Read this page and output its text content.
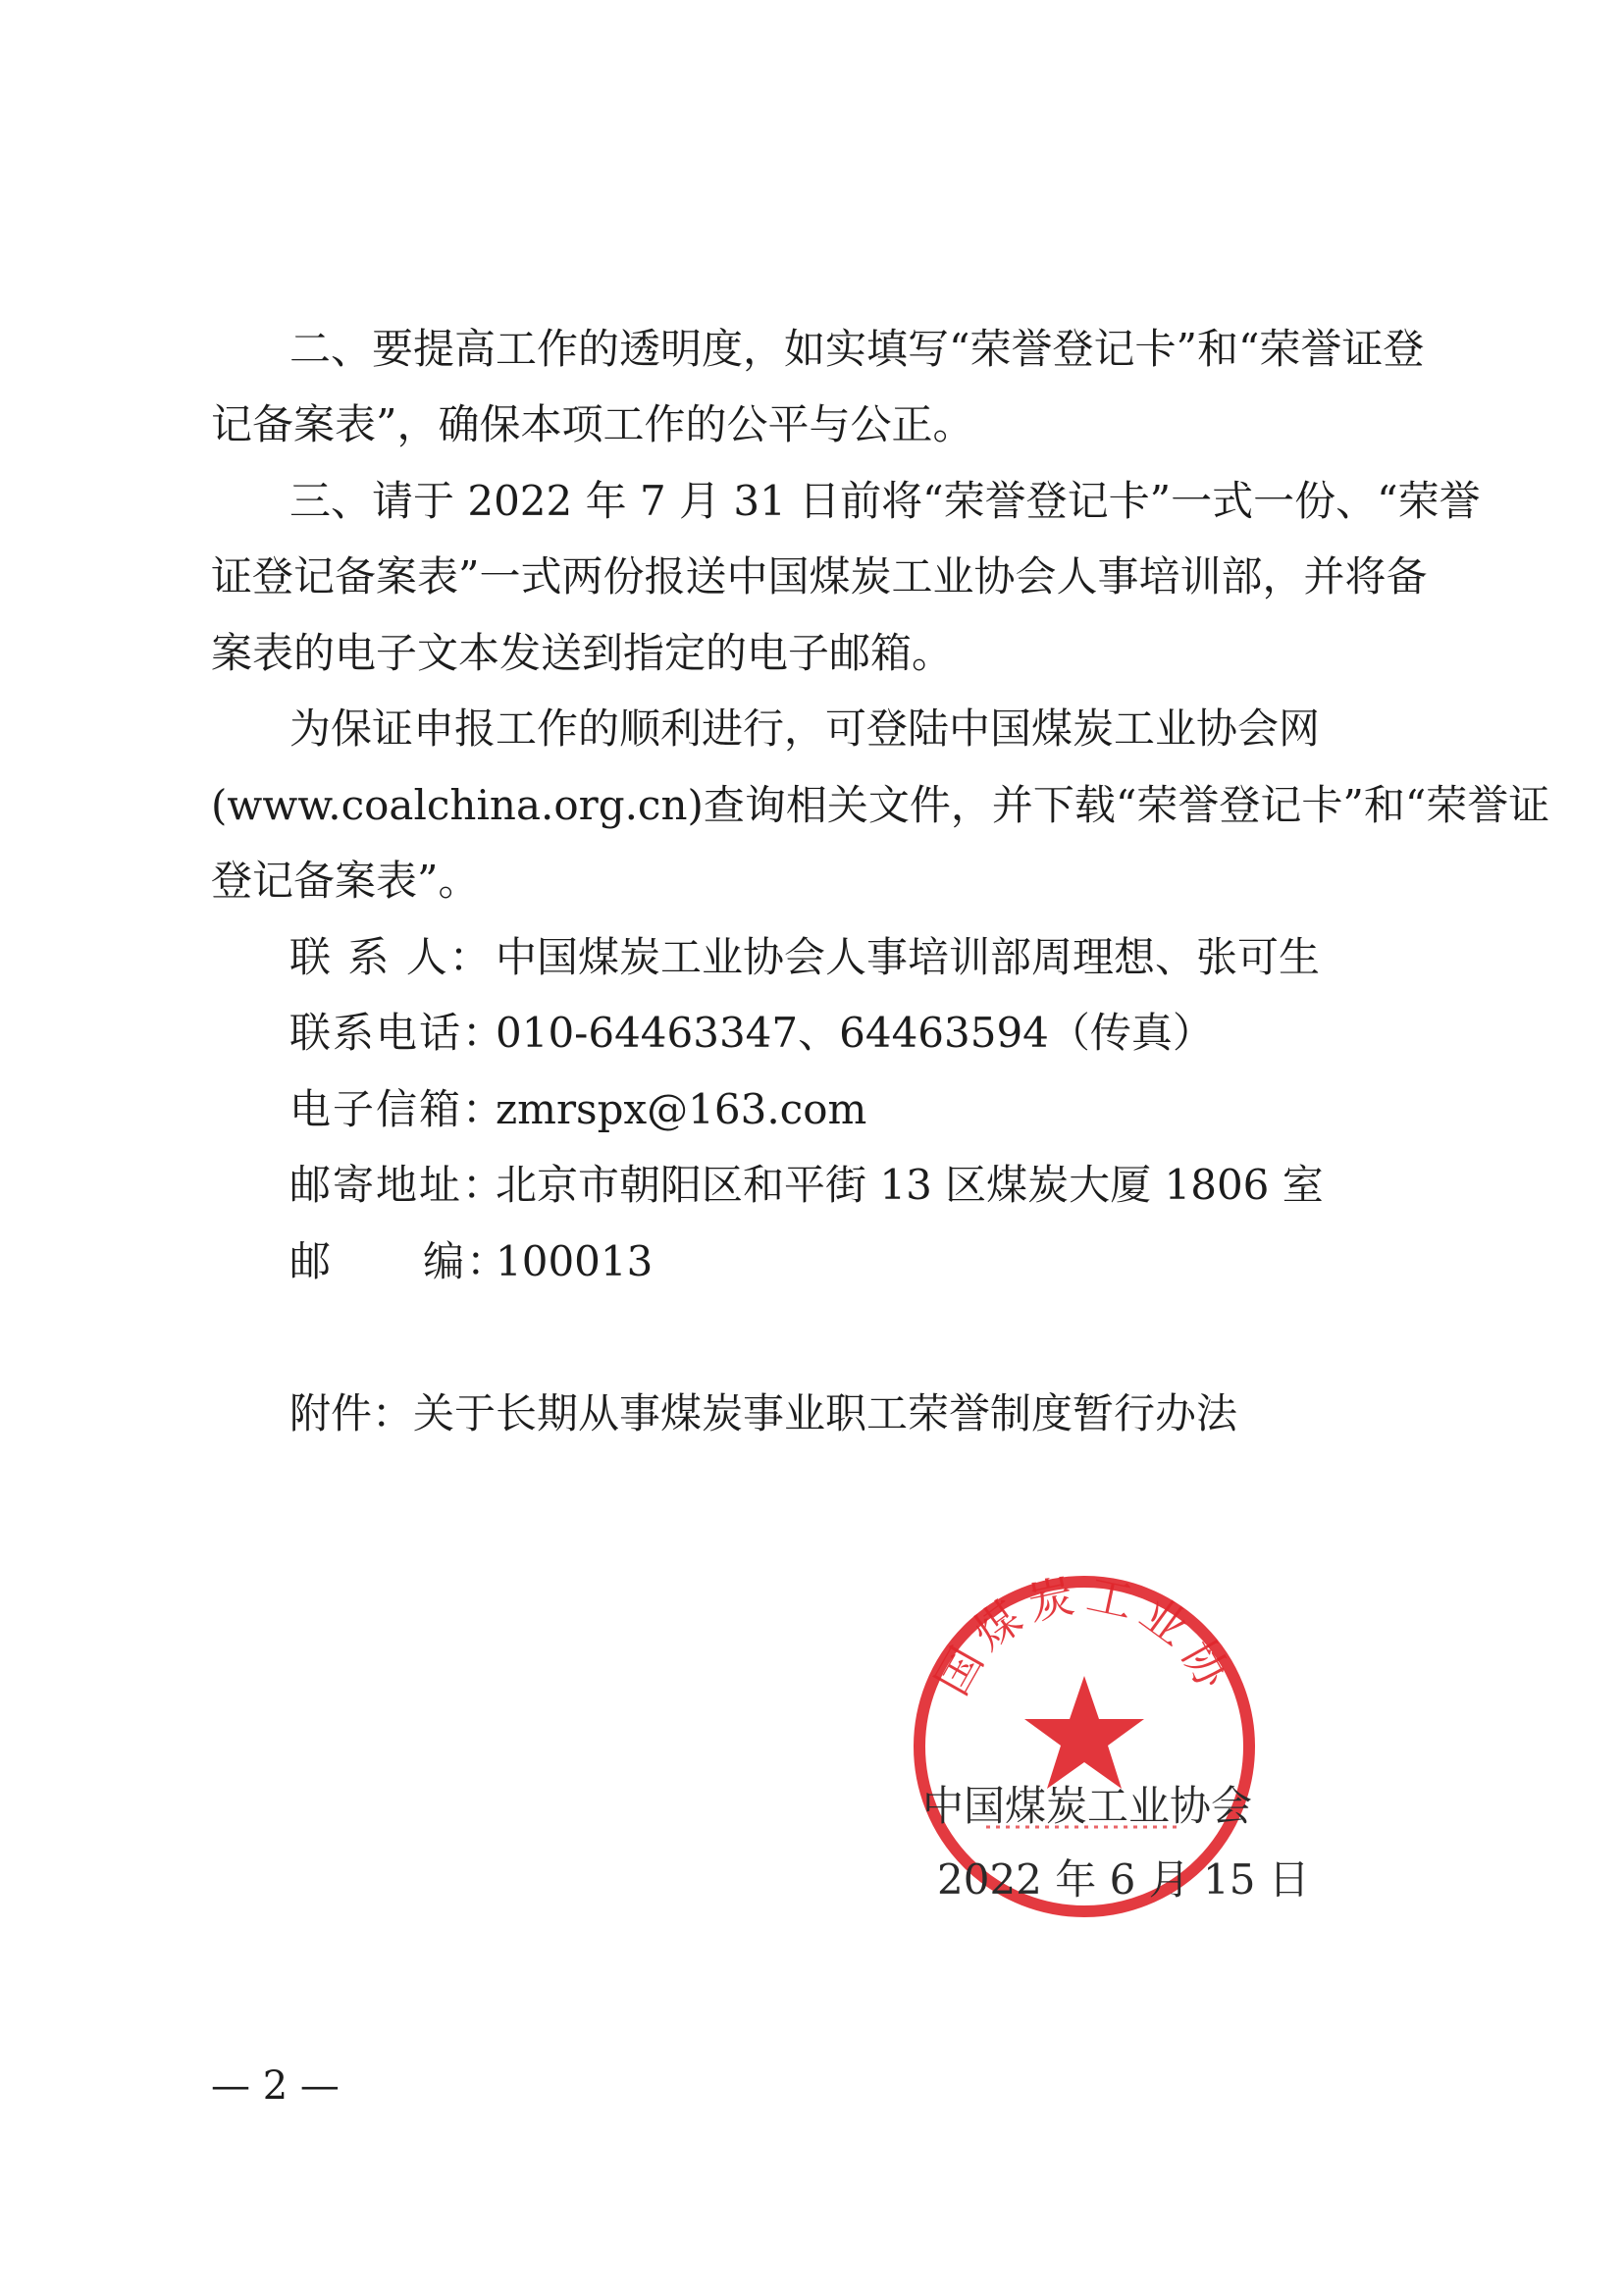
二、要提高工作的透明度，如实填写“荣誉登记卡”和“荣誉证登
记备案表”，确保本项工作的公平与公正。
三、请于 2022 年 7 月 31 日前将“荣誉登记卡”一式一份、“荣誉
证登记备案表”一式两份报送中国煤炭工业协会人事培训部，并将备
案表的电子文本发送到指定的电子邮箱。
为保证申报工作的顺利进行，可登陆中国煤炭工业协会网
(www.coalchina.org.cn)查询相关文件，并下载“荣誉登记卡”和“荣誉证
登记备案表”。
联 系 人：中国煤炭工业协会人事培训部周理想、张可生
联系电话：010-64463347、64463594（传真）
电子信箱：zmrspx@163.com
邮寄地址：北京市朝阳区和平街 13 区煤炭大厦 1806 室
邮      编：100013
附件：关于长期从事煤炭事业职工荣誉制度暂行办法
国煤炭工业协
中国煤炭工业协会
2022 年 6 月 15 日
— 2 —
